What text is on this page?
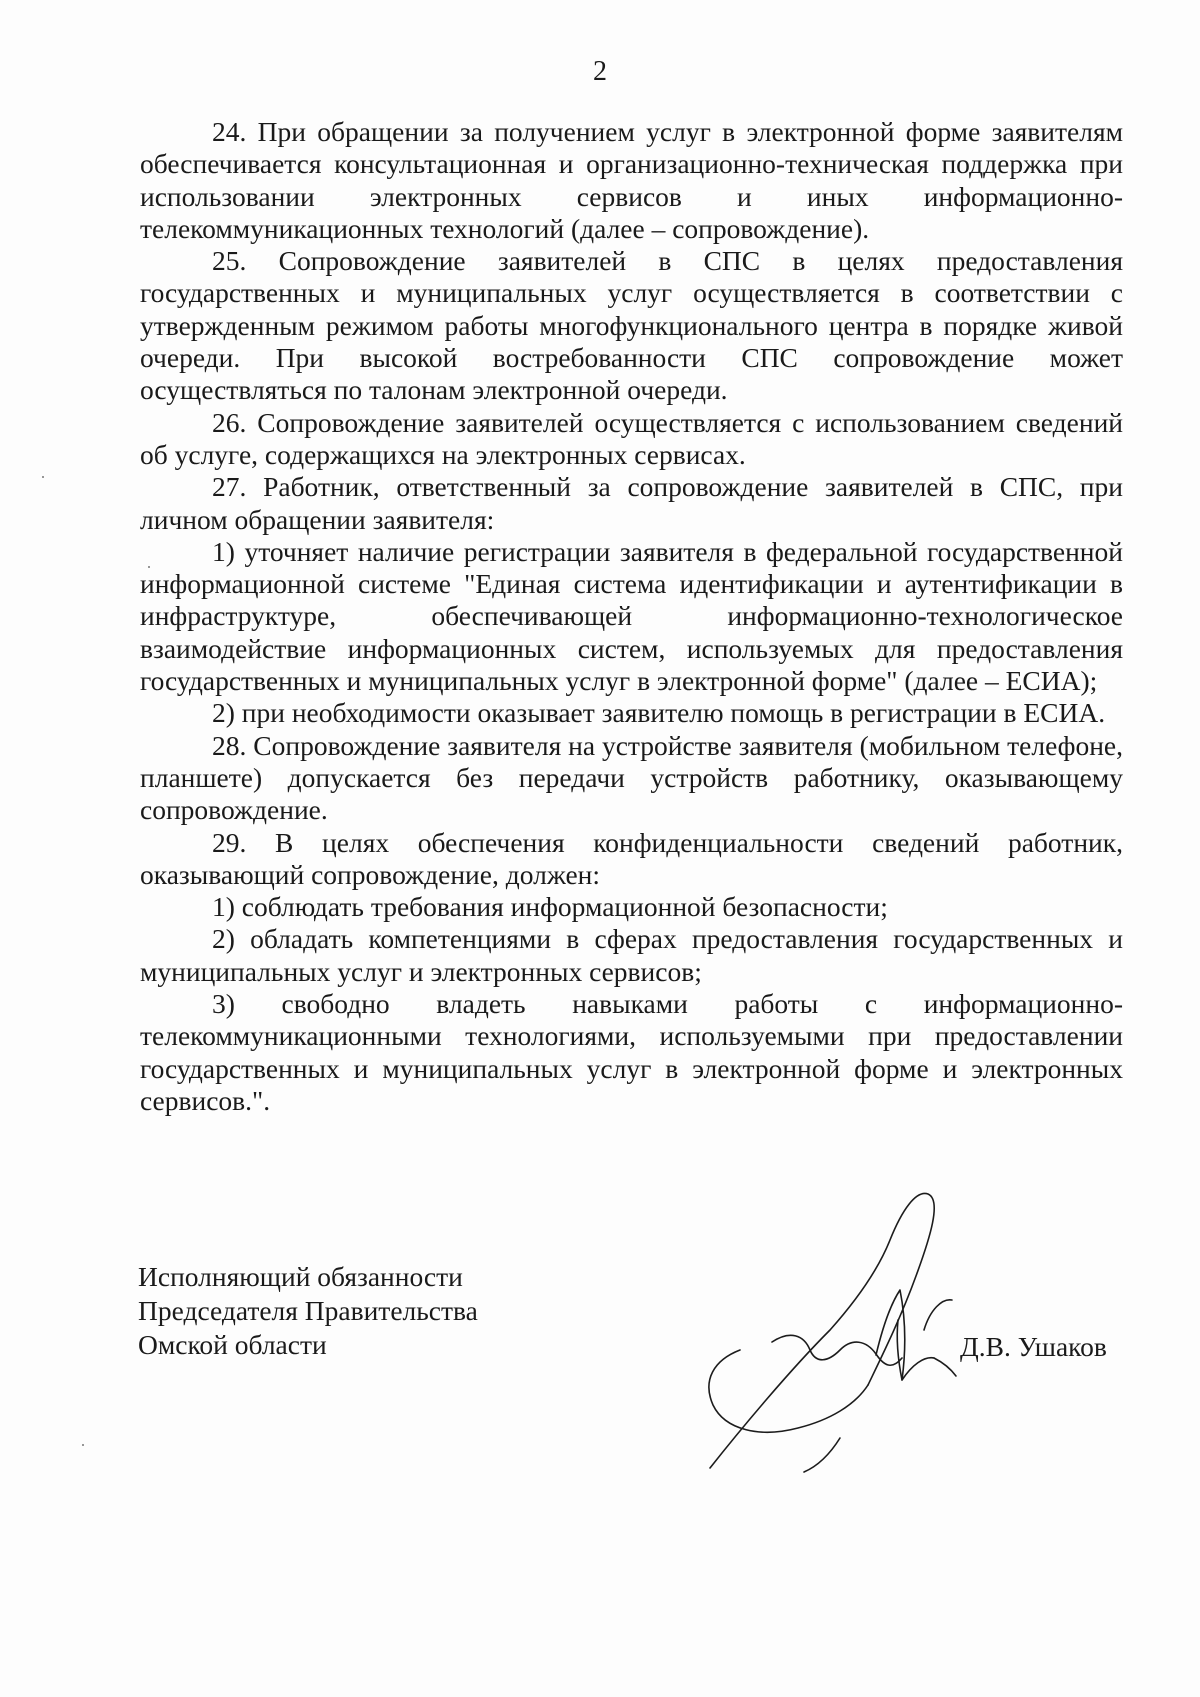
2

24. При обращении за получением услуг в электронной форме заявителям обеспечивается консультационная и организационно-техническая поддержка при использовании электронных сервисов и иных информационно-телекоммуникационных технологий (далее – сопровождение).

25. Сопровождение заявителей в СПС в целях предоставления государственных и муниципальных услуг осуществляется в соответствии с утвержденным режимом работы многофункционального центра в порядке живой очереди. При высокой востребованности СПС сопровождение может осуществляться по талонам электронной очереди.

26. Сопровождение заявителей осуществляется с использованием сведений об услуге, содержащихся на электронных сервисах.

27. Работник, ответственный за сопровождение заявителей в СПС, при личном обращении заявителя:

1) уточняет наличие регистрации заявителя в федеральной государственной информационной системе "Единая система идентификации и аутентификации в инфраструктуре, обеспечивающей информационно-технологическое взаимодействие информационных систем, используемых для предоставления государственных и муниципальных услуг в электронной форме" (далее – ЕСИА);

2) при необходимости оказывает заявителю помощь в регистрации в ЕСИА.

28. Сопровождение заявителя на устройстве заявителя (мобильном телефоне, планшете) допускается без передачи устройств работнику, оказывающему сопровождение.

29. В целях обеспечения конфиденциальности сведений работник, оказывающий сопровождение, должен:

1) соблюдать требования информационной безопасности;

2) обладать компетенциями в сферах предоставления государственных и муниципальных услуг и электронных сервисов;

3) свободно владеть навыками работы с информационно-телекоммуникационными технологиями, используемыми при предоставлении государственных и муниципальных услуг в электронной форме и электронных сервисов.".

Исполняющий обязанности
Председателя Правительства
Омской области	Д.В. Ушаков
